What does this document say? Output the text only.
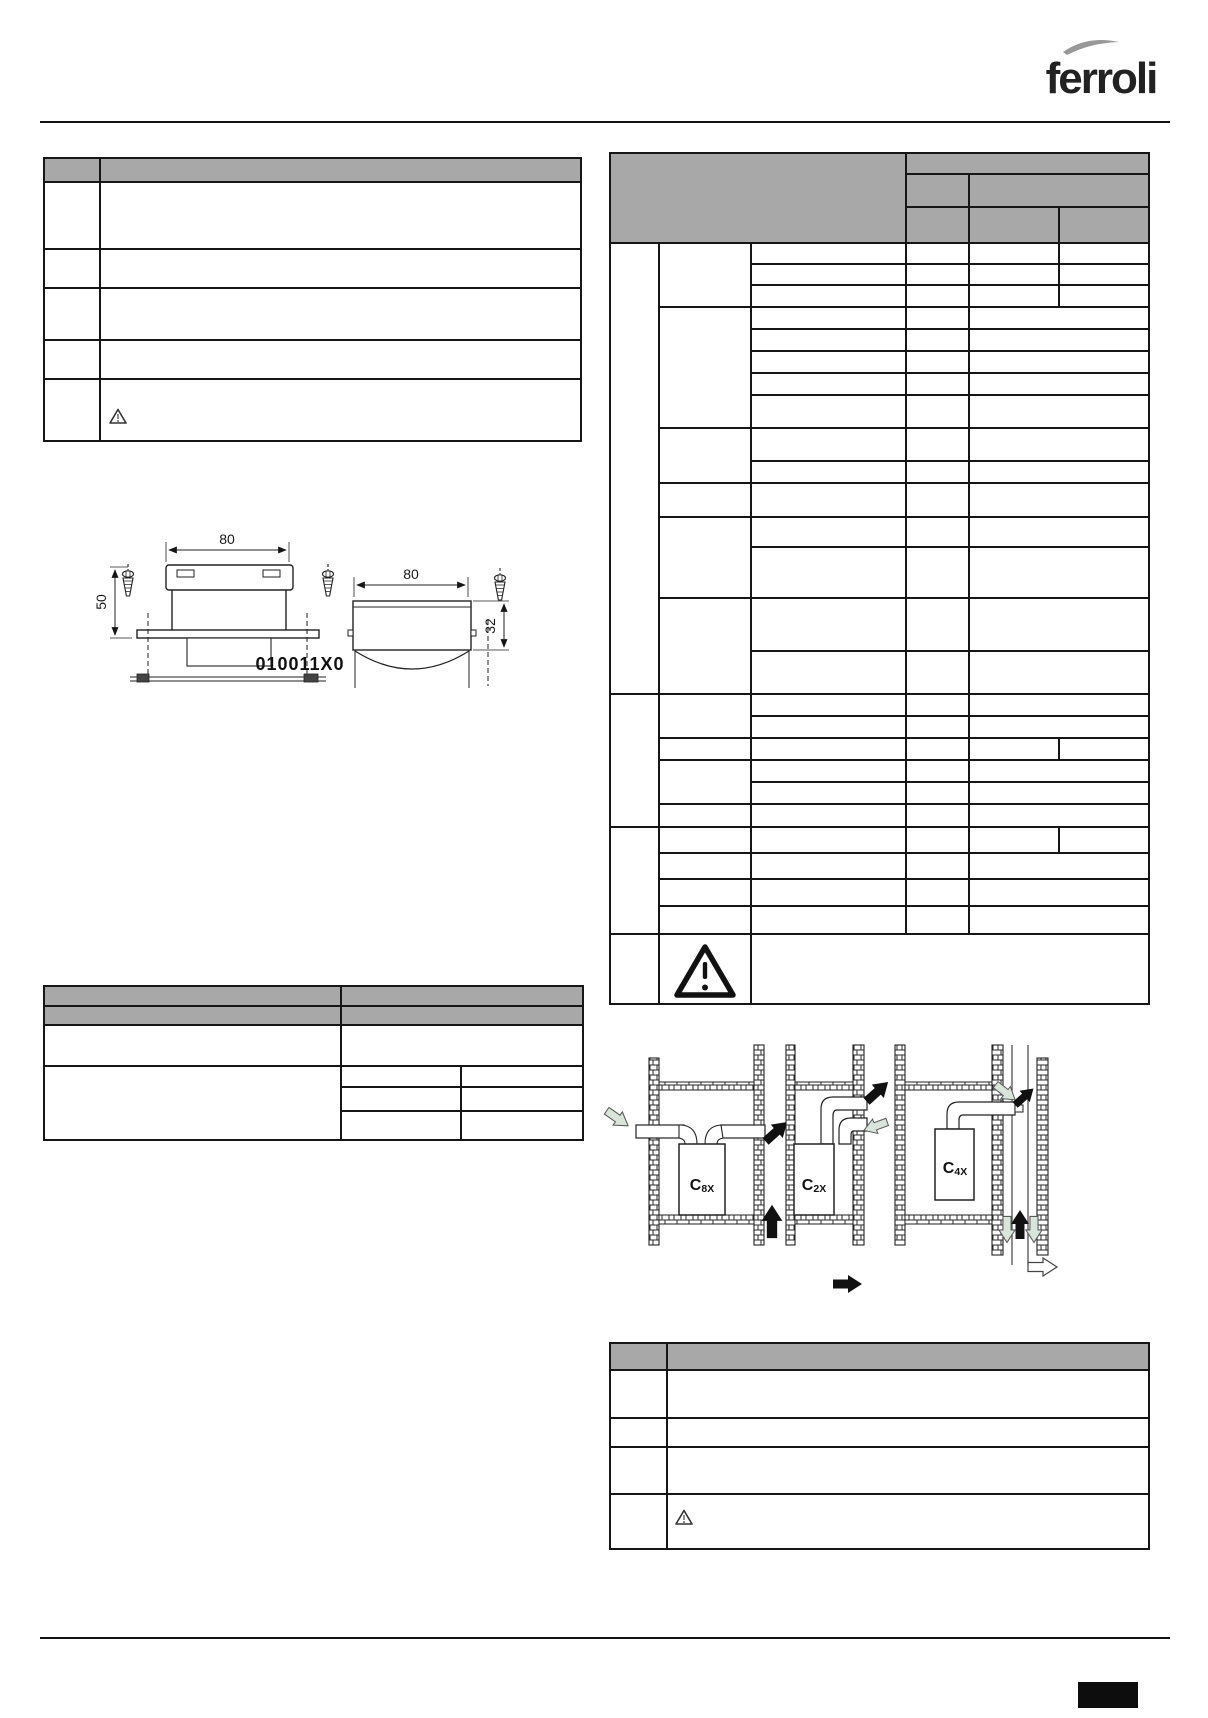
ferroli

80
50
80
32
010011X0

C8X	C2X
C4X
